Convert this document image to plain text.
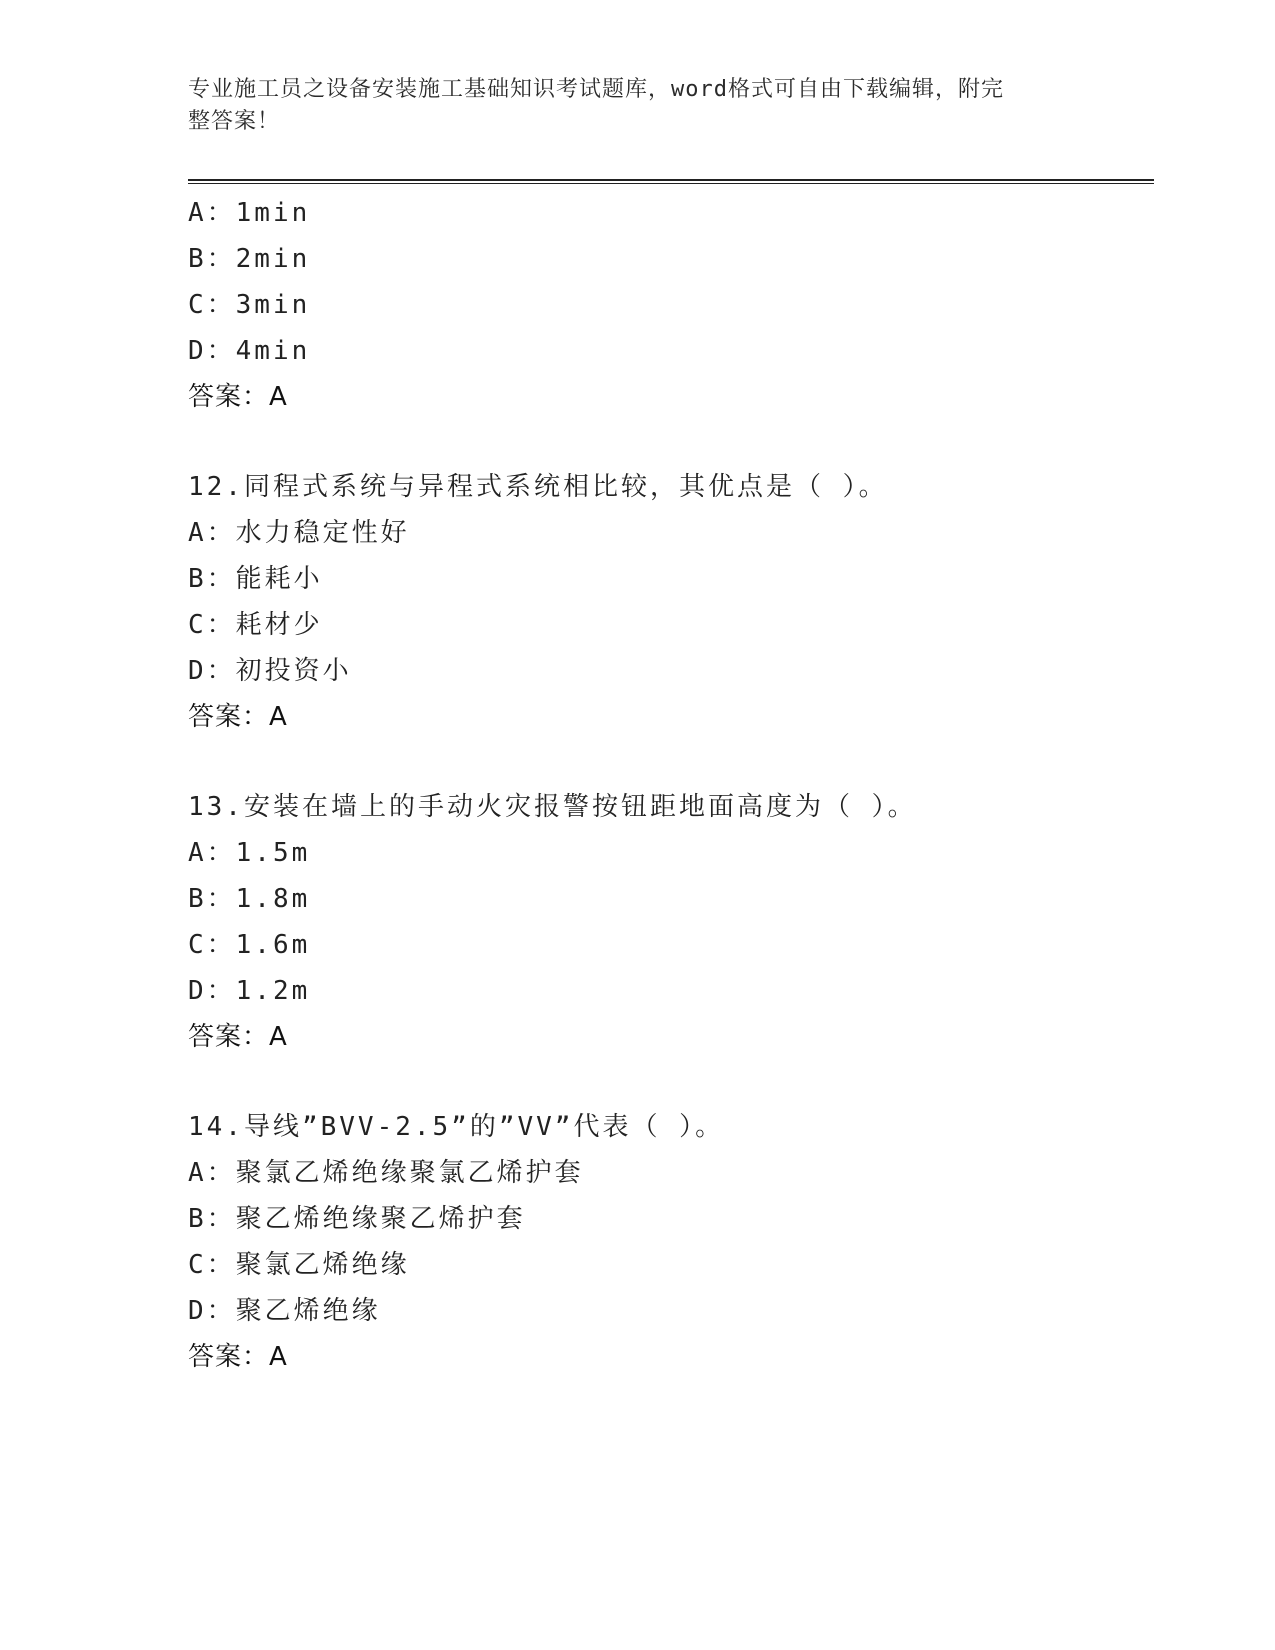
专业施工员之设备安装施工基础知识考试题库，word格式可自由下载编辑，附完
整答案！
A：1min
B：2min
C：3min
D：4min
答案：A
12.同程式系统与异程式系统相比较，其优点是（ ）。
A：水力稳定性好
B：能耗小
C：耗材少
D：初投资小
答案：A
13.安装在墙上的手动火灾报警按钮距地面高度为（ ）。
A：1.5m
B：1.8m
C：1.6m
D：1.2m
答案：A
14.导线”BVV-2.5”的”VV”代表（ ）。
A：聚氯乙烯绝缘聚氯乙烯护套
B：聚乙烯绝缘聚乙烯护套
C：聚氯乙烯绝缘
D：聚乙烯绝缘
答案：A
